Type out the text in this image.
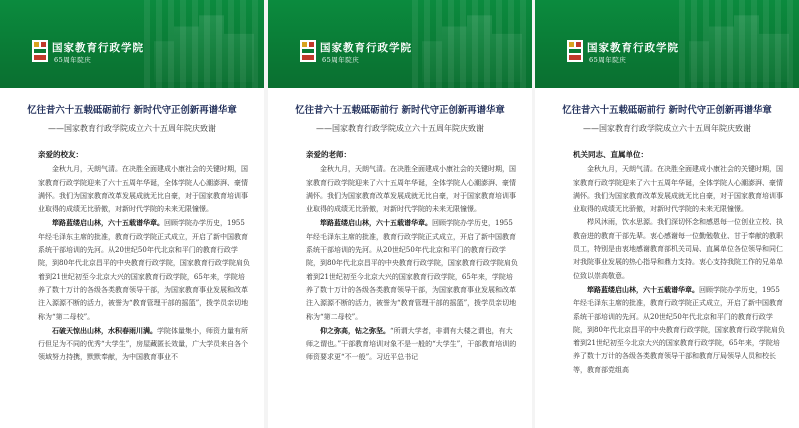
国家教育行政学院
65周年院庆
忆往昔六十五载砥砺前行 新时代守正创新再谱华章
——国家教育行政学院成立六十五周年院庆致谢
亲爱的校友：

金秋九月，天朗气清。在决胜全面建成小康社会的关键时期，国家教育行政学院迎来了六十五周年华诞，全体学院人心潮澎湃、豪情满怀。我们为国家教育改革发展成就无比自豪，对于国家教育培训事业取得的成绩无比骄傲，对新时代学院的未来无限憧憬。

筚路蓝缕启山林，六十五载谱华章。回顾学院办学历史，1955年经毛泽东主席的批准，教育行政学院正式成立，开启了新中国教育系统干部培训的先河。从20世纪50年代北京和平门的教育行政学院，到80年代北京昌平的中央教育行政学院，国家教育行政学院肩负着到21世纪初至今北京大兴的国家教育行政学院，65年来，学院培养了数十万计的各级各类教育领导干部，为国家教育事业发展和改革注入源源不断的活力，被誉为“教育管理干部的摇篮”，拨学员亲切地称为“第二母校”。

石破天惊出山林，水积春雨川满。学院体量集小，师资力量有所行但足为不同的优秀“大学生”，房屋藏匿长效量，广大学员来自各个领域努力持携，默默奉献，为中国教育事业不

国家教育行政学院
65周年院庆
忆往昔六十五载砥砺前行 新时代守正创新再谱华章
——国家教育行政学院成立六十五周年院庆致谢
亲爱的老师：

金秋九月，天朗气清。在决胜全面建成小康社会的关键时期，国家教育行政学院迎来了六十五周年华诞，全体学院人心潮澎湃、豪情满怀。我们为国家教育改革发展成就无比自豪，对于国家教育培训事业取得的成绩无比骄傲，对新时代学院的未来无限憧憬。

筚路蓝缕启山林，六十五载谱华章。回顾学院办学历史，1955年经毛泽东主席的批准，教育行政学院正式成立，开启了新中国教育系统干部培训的先河。从20世纪50年代北京和平门的教育行政学院，到80年代北京昌平的中央教育行政学院，国家教育行政学院肩负着到21世纪初至今北京大兴的国家教育行政学院，65年来，学院培养了数十万计的各级各类教育领导干部，为国家教育事业发展和改革注入源源不断的活力，被誉为“教育管理干部的摇篮”，拨学员亲切地称为“第二母校”。

仰之弥高，钻之弥坚。“所谓大学者，非谓有大楼之谓也，有大师之谓也。”干部教育培训对象不是一般的“大学生”，干部教育培训的师资要求更“不一般”。习近平总书记

国家教育行政学院
65周年院庆
忆往昔六十五载砥砺前行 新时代守正创新再谱华章
——国家教育行政学院成立六十五周年院庆致谢
机关同志、直属单位：

金秋九月，天朗气清。在决胜全面建成小康社会的关键时期，国家教育行政学院迎来了六十五周年华诞，全体学院人心潮澎湃、豪情满怀。我们为国家教育改革发展成就无比自豪，对于国家教育培训事业取得的成绩无比骄傲，对新时代学院的未来无限憧憬。

栉风沐雨，饮水思源。我们深切怀念和感恩每一位创业立校、执教奋进的教育干部先辈。衷心感谢每一位勤勉敬业、甘于奉献的教职员工，特别是由衷地感谢教育部机关司局、直属单位各位领导和同仁对我院事业发展的热心指导和鼎力支持。衷心支持我院工作的兄弟单位致以崇高敬意。

筚路蓝缕启山林，六十五载谱华章。回顾学院办学历史，1955年经毛泽东主席的批准，教育行政学院正式成立，开启了新中国教育系统干部培训的先河。从20世纪50年代北京和平门的教育行政学院，到80年代北京昌平的中央教育行政学院，国家教育行政学院肩负着到21世纪初至今北京大兴的国家教育行政学院，65年来，学院培养了数十万计的各级各类教育领导干部和教育厅局领导人员和校长等，教育部党组高
